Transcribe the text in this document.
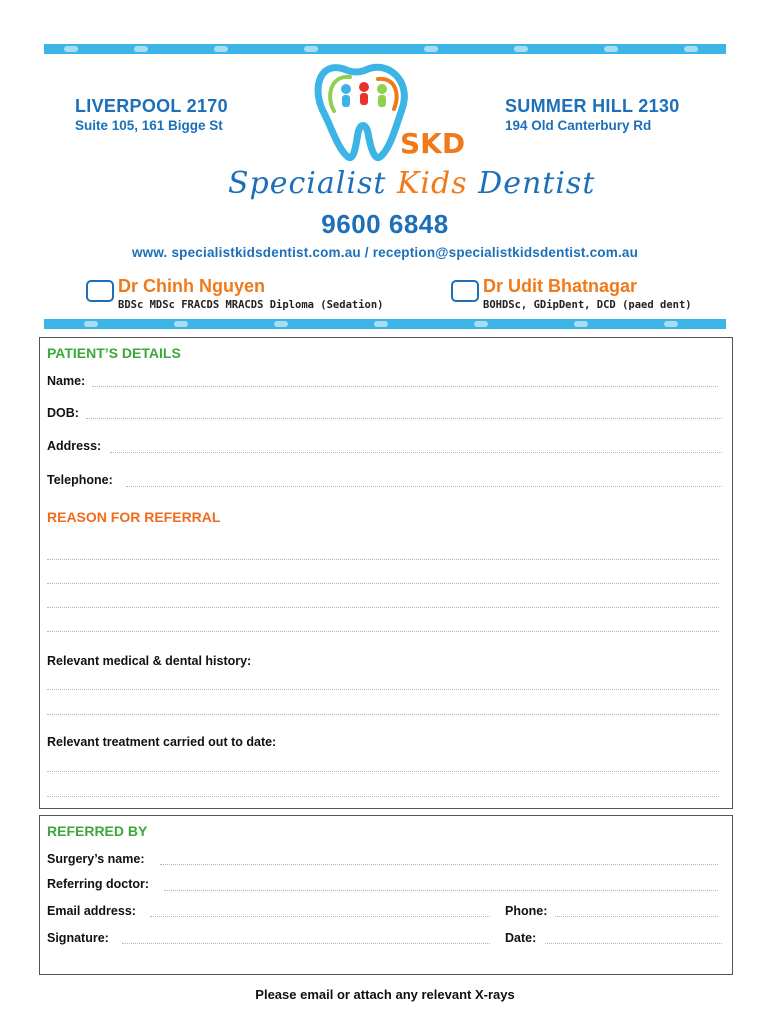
LIVERPOOL 2170
Suite 105, 161 Bigge St
SUMMER HILL 2130
194 Old Canterbury Rd
SKD
Specialist Kids Dentist
9600 6848
www. specialistkidsdentist.com.au / reception@specialistkidsdentist.com.au
Dr Chinh Nguyen
BDSc MDSc FRACDS MRACDS Diploma (Sedation)
Dr Udit Bhatnagar
BOHDSc, GDipDent, DCD (paed dent)
PATIENT’S DETAILS
Name:
DOB:
Address:
Telephone:
REASON FOR REFERRAL
Relevant medical & dental history:
Relevant treatment carried out to date:
REFERRED BY
Surgery’s name:
Referring doctor:
Email address:	Phone:
Signature:	Date:
Please email or attach any relevant X-rays
